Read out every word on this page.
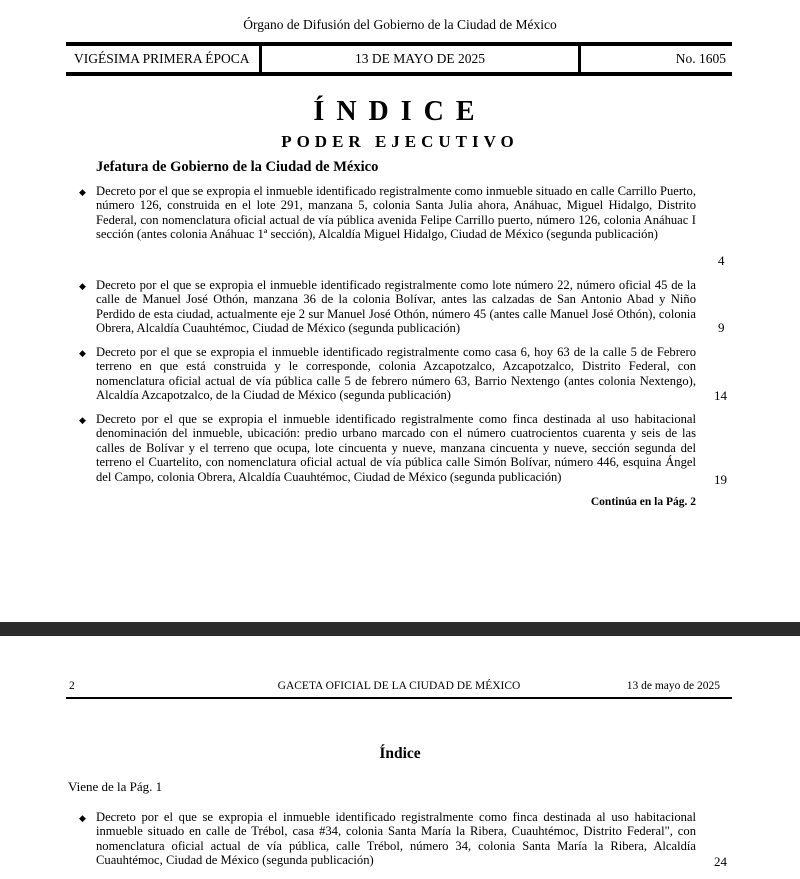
Órgano de Difusión del Gobierno de la Ciudad de México
VIGÉSIMA PRIMERA ÉPOCA	13 DE MAYO DE 2025	No. 1605
ÍNDICE
PODER EJECUTIVO
Jefatura de Gobierno de la Ciudad de México
◆ Decreto por el que se expropia el inmueble identificado registralmente como inmueble situado en calle Carrillo Puerto, número 126, construida en el lote 291, manzana 5, colonia Santa Julia ahora, Anáhuac, Miguel Hidalgo, Distrito Federal, con nomenclatura oficial actual de vía pública avenida Felipe Carrillo puerto, número 126, colonia Anáhuac I sección (antes colonia Anáhuac 1ª sección), Alcaldía Miguel Hidalgo, Ciudad de México (segunda publicación)
4
◆ Decreto por el que se expropia el inmueble identificado registralmente como lote número 22, número oficial 45 de la calle de Manuel José Othón, manzana 36 de la colonia Bolívar, antes las calzadas de San Antonio Abad y Niño Perdido de esta ciudad, actualmente eje 2 sur Manuel José Othón, número 45 (antes calle Manuel José Othón), colonia Obrera, Alcaldía Cuauhtémoc, Ciudad de México (segunda publicación)	9
◆ Decreto por el que se expropia el inmueble identificado registralmente como casa 6, hoy 63 de la calle 5 de Febrero terreno en que está construida y le corresponde, colonia Azcapotzalco, Azcapotzalco, Distrito Federal, con nomenclatura oficial actual de vía pública calle 5 de febrero número 63, Barrio Nextengo (antes colonia Nextengo), Alcaldía Azcapotzalco, de la Ciudad de México (segunda publicación)	14
◆ Decreto por el que se expropia el inmueble identificado registralmente como finca destinada al uso habitacional denominación del inmueble, ubicación: predio urbano marcado con el número cuatrocientos cuarenta y seis de las calles de Bolívar y el terreno que ocupa, lote cincuenta y nueve, manzana cincuenta y nueve, sección segunda del terreno el Cuartelito, con nomenclatura oficial actual de vía pública calle Simón Bolívar, número 446, esquina Ángel del Campo, colonia Obrera, Alcaldía Cuauhtémoc, Ciudad de México (segunda publicación)	19
Continúa en la Pág. 2
GACETA OFICIAL DE LA CIUDAD DE MÉXICO
2	13 de mayo de 2025
Índice
Viene de la Pág. 1
◆ Decreto por el que se expropia el inmueble identificado registralmente como finca destinada al uso habitacional inmueble situado en calle de Trébol, casa #34, colonia Santa María la Ribera, Cuauhtémoc, Distrito Federal", con nomenclatura oficial actual de vía pública, calle Trébol, número 34, colonia Santa María la Ribera, Alcaldía Cuauhtémoc, Ciudad de México (segunda publicación)	24
